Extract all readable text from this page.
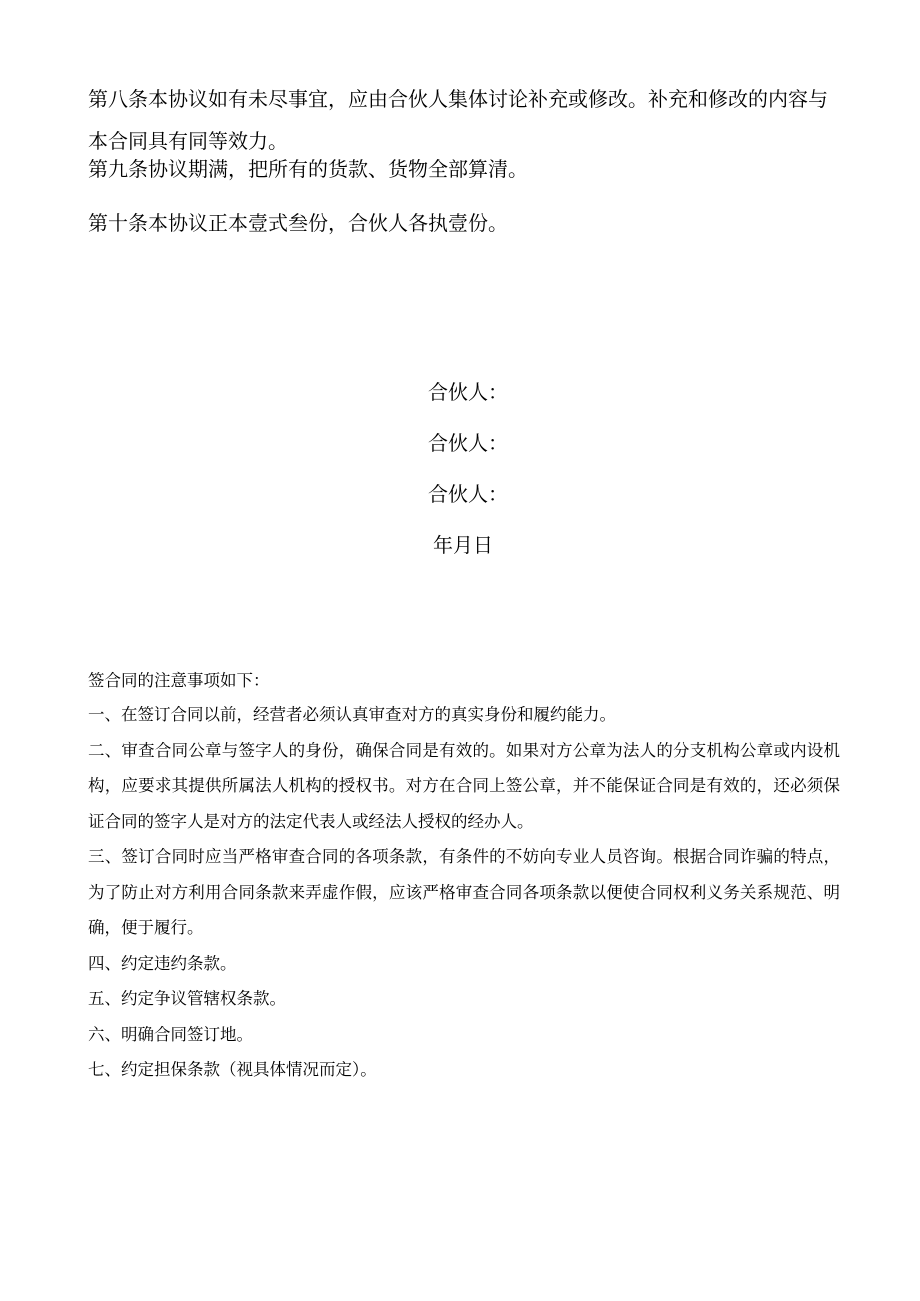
第八条本协议如有未尽事宜，应由合伙人集体讨论补充或修改。补充和修改的内容与本合同具有同等效力。

第九条协议期满，把所有的货款、货物全部算清。

第十条本协议正本壹式叁份，合伙人各执壹份。

合伙人：

合伙人：

合伙人：

年月日

签合同的注意事项如下：

一、在签订合同以前，经营者必须认真审查对方的真实身份和履约能力。

二、审查合同公章与签字人的身份，确保合同是有效的。如果对方公章为法人的分支机构公章或内设机构，应要求其提供所属法人机构的授权书。对方在合同上签公章，并不能保证合同是有效的，还必须保证合同的签字人是对方的法定代表人或经法人授权的经办人。

三、签订合同时应当严格审查合同的各项条款，有条件的不妨向专业人员咨询。根据合同诈骗的特点，为了防止对方利用合同条款来弄虚作假，应该严格审查合同各项条款以便使合同权利义务关系规范、明确，便于履行。

四、约定违约条款。

五、约定争议管辖权条款。

六、明确合同签订地。

七、约定担保条款（视具体情况而定）。
